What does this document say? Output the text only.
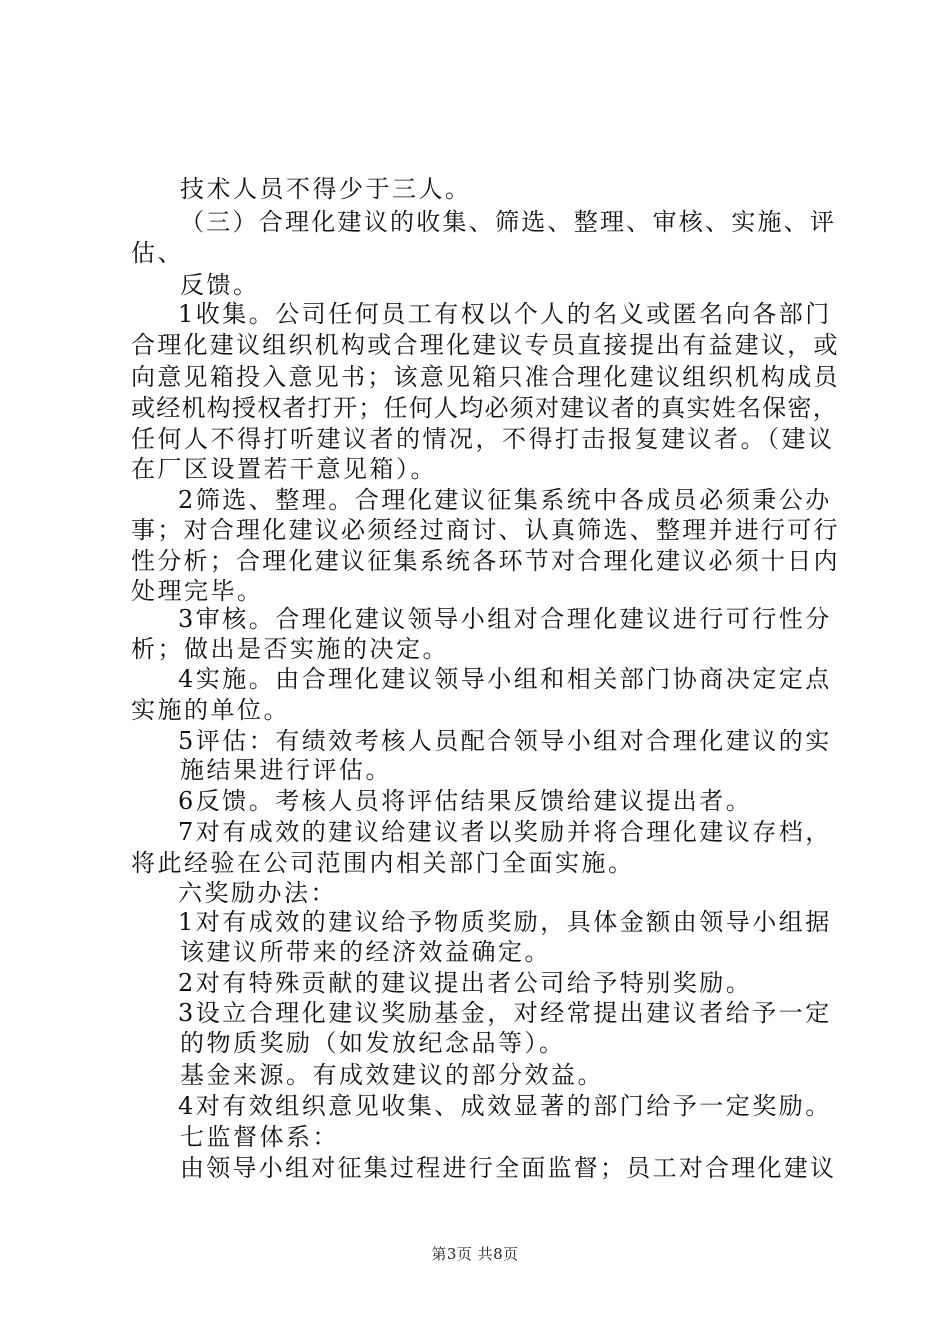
技术人员不得少于三人。
（三）合理化建议的收集、筛选、整理、审核、实施、评
估、
反馈。
1收集。公司任何员工有权以个人的名义或匿名向各部门
合理化建议组织机构或合理化建议专员直接提出有益建议，或
向意见箱投入意见书；该意见箱只准合理化建议组织机构成员
或经机构授权者打开；任何人均必须对建议者的真实姓名保密，
任何人不得打听建议者的情况，不得打击报复建议者。（建议
在厂区设置若干意见箱）。
2筛选、整理。合理化建议征集系统中各成员必须秉公办
事；对合理化建议必须经过商讨、认真筛选、整理并进行可行
性分析；合理化建议征集系统各环节对合理化建议必须十日内
处理完毕。
3审核。合理化建议领导小组对合理化建议进行可行性分
析；做出是否实施的决定。
4实施。由合理化建议领导小组和相关部门协商决定定点
实施的单位。
5评估：有绩效考核人员配合领导小组对合理化建议的实
施结果进行评估。
6反馈。考核人员将评估结果反馈给建议提出者。
7对有成效的建议给建议者以奖励并将合理化建议存档，
将此经验在公司范围内相关部门全面实施。
六奖励办法：
1对有成效的建议给予物质奖励，具体金额由领导小组据
该建议所带来的经济效益确定。
2对有特殊贡献的建议提出者公司给予特别奖励。
3设立合理化建议奖励基金，对经常提出建议者给予一定
的物质奖励（如发放纪念品等）。
基金来源。有成效建议的部分效益。
4对有效组织意见收集、成效显著的部门给予一定奖励。
七监督体系：
由领导小组对征集过程进行全面监督；员工对合理化建议
第3页 共8页
